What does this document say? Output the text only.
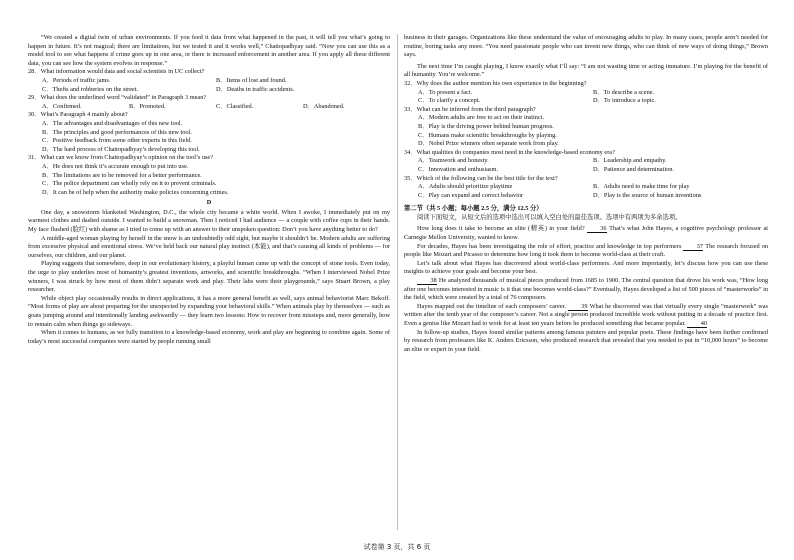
“We created a digital twin of urban environments. If you feed it data from what happened in the past, it will tell you what’s going to happen in future. It’s not magical; there are limitations, but we tested it and it works well,” Chattopadhyay said. “Now you can use this as a model tool to see what happens if crime goes up in one area, or there is increased enforcement in another area. If you apply all these different data, you can see how the system evolves in response.”

28．What information would data and social scientists in UC collect?

A．Periods of traffic jams.	B．Items of lost and found.
C．Thefts and robberies on the street.	D．Deaths in traffic accidents.

29．What does the underlined word “validated” in Paragraph 3 mean?

A．Confirmed.	B．Promoted.	C．Classified.	D．Abandoned.

30．What’s Paragraph 4 mainly about?

A．The advantages and disadvantages of this new tool.

B．The principles and good performances of this new tool.

C．Positive feedback from some other experts in this field.

D．The hard process of Chattopadhyay’s developing this tool.

31．What can we know from Chattopadhyay’s opinion on the tool’s use?

A．He does not think it’s accurate enough to put into use.

B．The limitations are to be removed for a better performance.

C．The police department can wholly rely on it to prevent criminals.

D．It can be of help when the authority make policies concerning crimes.

D

One day, a snowstorm blanketed Washington, D.C., the whole city became a white world. When I awoke, I immediately put on my warmest clothes and dashed outside. I wanted to build a snowman. Then I noticed I had audience — a couple with coffee cups in their hands. My face flushed (脸红) with shame as I tried to come up with an answer to their unspoken question: Don’t you have anything better to do?

A middle-aged woman playing by herself in the snow is an undoubtedly odd sight, but maybe it shouldn’t be. Modern adults are suffering from excessive physical and emotional stress. We’ve held back our natural play instinct (本能), and that’s causing all kinds of problems — for ourselves, our children, and our planet.

Playing suggests that somewhere, deep in our evolutionary history, a playful human came up with the concept of stone tools. Even today, the urge to play underlies most of humanity’s greatest inventions, artworks, and scientific breakthroughs. “When I interviewed Nobel Prize winners, I was struck by how most of them didn’t separate work and play. Their labs were their playgrounds,” says Stuart Brown, a play researcher.

While object play occasionally results in direct applications, it has a more general benefit as well, says animal behaviorist Marc Bekoff. “Most forms of play are about preparing for the unexpected by expanding your behavioral skills.” When animals play by themselves — such as goats jumping around and intentionally landing awkwardly — they learn two lessons: How to recover from missteps and, more generally, how to remain calm when things go sideways.

When it comes to humans, as we fully transition to a knowledge-based economy, work and play are beginning to combine again. Some of today’s most successful companies were started by people running small

business in their garages. Organizations like these understand the value of encouraging adults to play. In many cases, people aren’t needed for routine, boring tasks any more. “You need passionate people who can invent new things, who can think of new ways of doing things,” Brown says.

The next time I’m caught playing, I know exactly what I’ll say: “I am not wasting time or acting immature. I’m playing for the benefit of all humanity. You’re welcome.”

32．Why does the author mention his own experience in the beginning?

A．To present a fact.	B．To describe a scene.
C．To clarify a concept.	D．To introduce a topic.

33．What can be inferred from the third paragraph?

A．Modern adults are free to act on their instinct.

B．Play is the driving power behind human progress.

C．Humans make scientific breakthroughs by playing.

D．Nobel Prize winners often separate work from play.

34．What qualities do companies most need in the knowledge-based economy era?

A．Teamwork and honesty.	B．Leadership and empathy.
C．Innovation and enthusiasm.	D．Patience and determination.

35．Which of the following can be the best title for the text?

A．Adults should prioritize playtime	B．Adults need to make time for play
C．Play can expand and correct behavior	D．Play is the source of human inventions

第二节（共 5 小题；每小题 2.5 分，满分 12.5 分）

阅读下面短文，从短文后的选项中选出可以填入空白处的最佳选项。选项中有两项为多余选项。

How long does it take to become an elite (精英) in your field? 36 That’s what John Hayes, a cognitive psychology professor at Carnegie Mellon University, wanted to know.

For decades, Hayes has been investigating the role of effort, practice and knowledge in top performers 37 The research focused on people like Mozart and Picasso to determine how long it took them to become world-class at their craft.

Let’s talk about what Hayes has discovered about world-class performers. And more importantly, let’s discuss how you can use these insights to achieve your goals and become your best.

38 He analyzed thousands of musical pieces produced from 1685 to 1900. The central question that drove his work was, “How long after one becomes interested in music is it that one becomes world-class?” Eventually, Hayes developed a list of 500 pieces of “masterworks” in the field, which were created by a total of 76 composers.

Hayes mapped out the timeline of each composers’ career. 39 What he discovered was that virtually every single “masterwork” was written after the tenth year of the composer’s career. Not a single person produced incredible work without putting in a decade of practice first. Even a genius like Mozart had to work for at least ten years before he produced something that became popular. 40

In follow-up studies, Hayes found similar patterns among famous painters and popular poets. These findings have been further confirmed by research from professors like K. Anders Ericsson, who produced research that revealed that you needed to put in “10,000 hours” to become an elite or expert in your field.

试卷第 3 页，共 6 页
